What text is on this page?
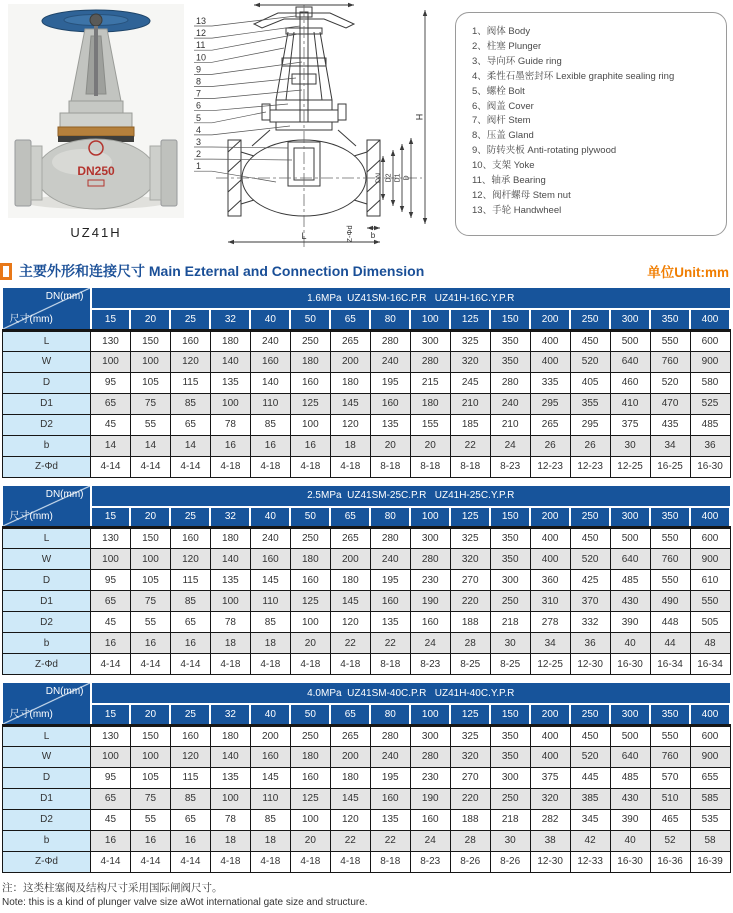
DN250
UZ41H
H
DN D2 D1 D
L	b
Z-Φd
13
12
11
10
9
8
7
6
5
4
3
2
1
1、阀体 Body
2、柱塞 Plunger
3、导向环 Guide ring
4、柔性石墨密封环 Lexible graphite sealing ring
5、螺栓 Bolt
6、阀盖 Cover
7、阀杆 Stem
8、压盖 Gland
9、防转夹板 Anti-rotating plywood
10、支架 Yoke
11、轴承 Bearing
12、阀杆螺母 Stem nut
13、手轮 Handwheel
主要外形和连接尺寸 Main Ezternal and Connection Dimension	单位Unit:mm
DN(mm)
尺寸(mm)	1.6MPa  UZ41SM-16C.P.R   UZ41H-16C.Y.P.R															
	15	20	25	32	40	50	65	80	100	125	150	200	250	300	350	400
L	130	150	160	180	240	250	265	280	300	325	350	400	450	500	550	600
W	100	100	120	140	160	180	200	240	280	320	350	400	520	640	760	900
D	95	105	115	135	140	160	180	195	215	245	280	335	405	460	520	580
D1	65	75	85	100	110	125	145	160	180	210	240	295	355	410	470	525
D2	45	55	65	78	85	100	120	135	155	185	210	265	295	375	435	485
b	14	14	14	16	16	16	18	20	20	22	24	26	26	30	34	36
Z-Φd	4-14	4-14	4-14	4-18	4-18	4-18	4-18	8-18	8-18	8-18	8-23	12-23	12-23	12-25	16-25	16-30
DN(mm)
尺寸(mm)	2.5MPa  UZ41SM-25C.P.R   UZ41H-25C.Y.P.R															
	15	20	25	32	40	50	65	80	100	125	150	200	250	300	350	400
L	130	150	160	180	240	250	265	280	300	325	350	400	450	500	550	600
W	100	100	120	140	160	180	200	240	280	320	350	400	520	640	760	900
D	95	105	115	135	145	160	180	195	230	270	300	360	425	485	550	610
D1	65	75	85	100	110	125	145	160	190	220	250	310	370	430	490	550
D2	45	55	65	78	85	100	120	135	160	188	218	278	332	390	448	505
b	16	16	16	18	18	20	22	22	24	28	30	34	36	40	44	48
Z-Φd	4-14	4-14	4-14	4-18	4-18	4-18	4-18	8-18	8-23	8-25	8-25	12-25	12-30	16-30	16-34	16-34
DN(mm)
尺寸(mm)	4.0MPa  UZ41SM-40C.P.R   UZ41H-40C.Y.P.R															
	15	20	25	32	40	50	65	80	100	125	150	200	250	300	350	400
L	130	150	160	180	200	250	265	280	300	325	350	400	450	500	550	600
W	100	100	120	140	160	180	200	240	280	320	350	400	520	640	760	900
D	95	105	115	135	145	160	180	195	230	270	300	375	445	485	570	655
D1	65	75	85	100	110	125	145	160	190	220	250	320	385	430	510	585
D2	45	55	65	78	85	100	120	135	160	188	218	282	345	390	465	535
b	16	16	16	18	18	20	22	22	24	28	30	38	42	40	52	58
Z-Φd	4-14	4-14	4-14	4-18	4-18	4-18	4-18	8-18	8-23	8-26	8-26	12-30	12-33	16-30	16-36	16-39
注：这类柱塞阀及结构尺寸采用国际闸阀尺寸。
Note: this is a kind of plunger valve size aWot international gate size and structure.
